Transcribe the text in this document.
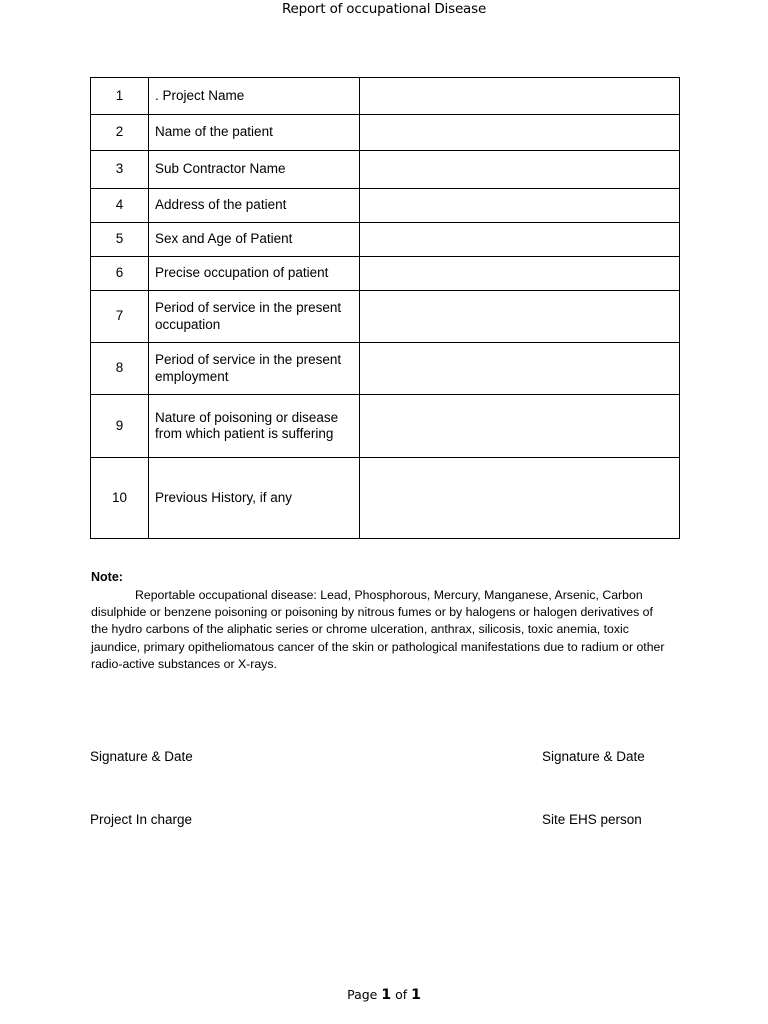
Report of occupational Disease
1	. Project Name	
2	Name of the patient	
3	Sub Contractor Name	
4	Address of the patient	
5	Sex and Age of Patient	
6	Precise occupation of patient	
7	Period of service in the present occupation	
8	Period of service in the present employment	
9	Nature of poisoning or disease from which patient is suffering	
10	Previous History, if any	
Note:
Reportable occupational disease: Lead, Phosphorous, Mercury, Manganese, Arsenic, Carbon disulphide or benzene poisoning or poisoning by nitrous fumes or by halogens or halogen derivatives of the hydro carbons of the aliphatic series or chrome ulceration, anthrax, silicosis, toxic anemia, toxic jaundice, primary opitheliomatous cancer of the skin or pathological manifestations due to radium or other radio-active substances or X-rays.
Signature & Date	Signature & Date
Project In charge	Site EHS person
Page 1 of 1
